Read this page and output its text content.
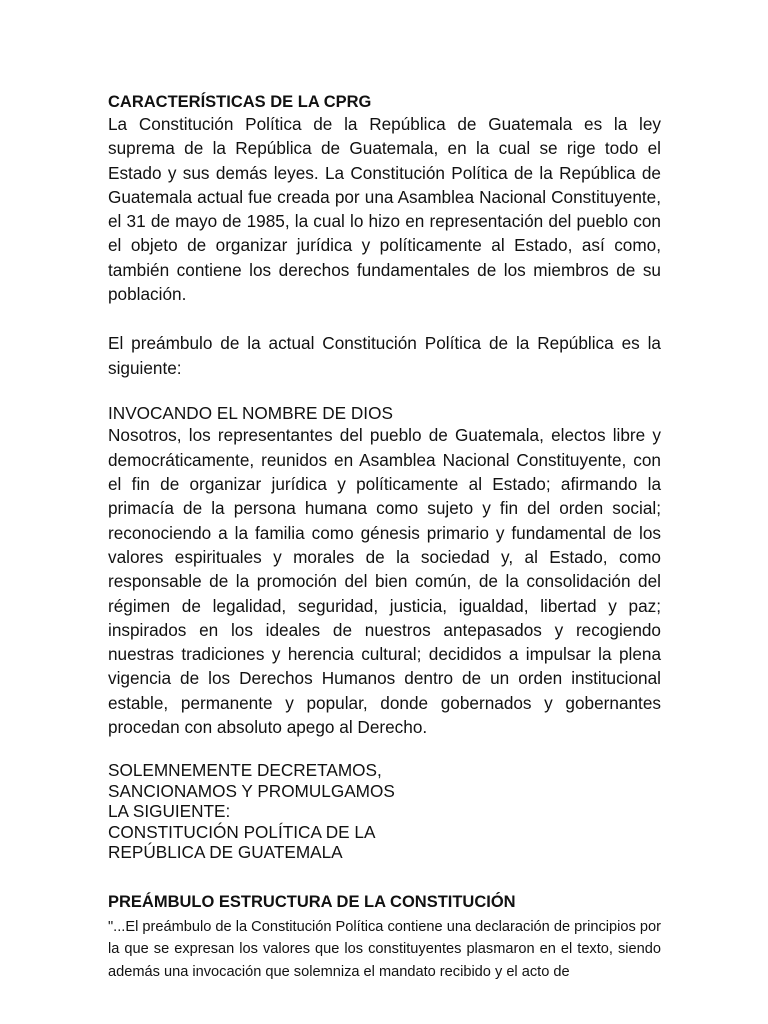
CARACTERÍSTICAS DE LA CPRG

La Constitución Política de la República de Guatemala es la ley suprema de la República de Guatemala, en la cual se rige todo el Estado y sus demás leyes. La Constitución Política de la República de Guatemala actual fue creada por una Asamblea Nacional Constituyente, el 31 de mayo de 1985, la cual lo hizo en representación del pueblo con el objeto de organizar jurídica y políticamente al Estado, así como, también contiene los derechos fundamentales de los miembros de su población.

El preámbulo de la actual Constitución Política de la República es la siguiente:

INVOCANDO EL NOMBRE DE DIOS

Nosotros, los representantes del pueblo de Guatemala, electos libre y democráticamente, reunidos en Asamblea Nacional Constituyente, con el fin de organizar jurídica y políticamente al Estado; afirmando la primacía de la persona humana como sujeto y fin del orden social; reconociendo a la familia como génesis primario y fundamental de los valores espirituales y morales de la sociedad y, al Estado, como responsable de la promoción del bien común, de la consolidación del régimen de legalidad, seguridad, justicia, igualdad, libertad y paz; inspirados en los ideales de nuestros antepasados y recogiendo nuestras tradiciones y herencia cultural; decididos a impulsar la plena vigencia de los Derechos Humanos dentro de un orden institucional estable, permanente y popular, donde gobernados y gobernantes procedan con absoluto apego al Derecho.

SOLEMNEMENTE DECRETAMOS,

SANCIONAMOS Y PROMULGAMOS

LA SIGUIENTE:

CONSTITUCIÓN POLÍTICA DE LA

REPÚBLICA DE GUATEMALA

PREÁMBULO ESTRUCTURA DE LA CONSTITUCIÓN

"...El preámbulo de la Constitución Política contiene una declaración de principios por la que se expresan los valores que los constituyentes plasmaron en el texto, siendo además una invocación que solemniza el mandato recibido y el acto de
